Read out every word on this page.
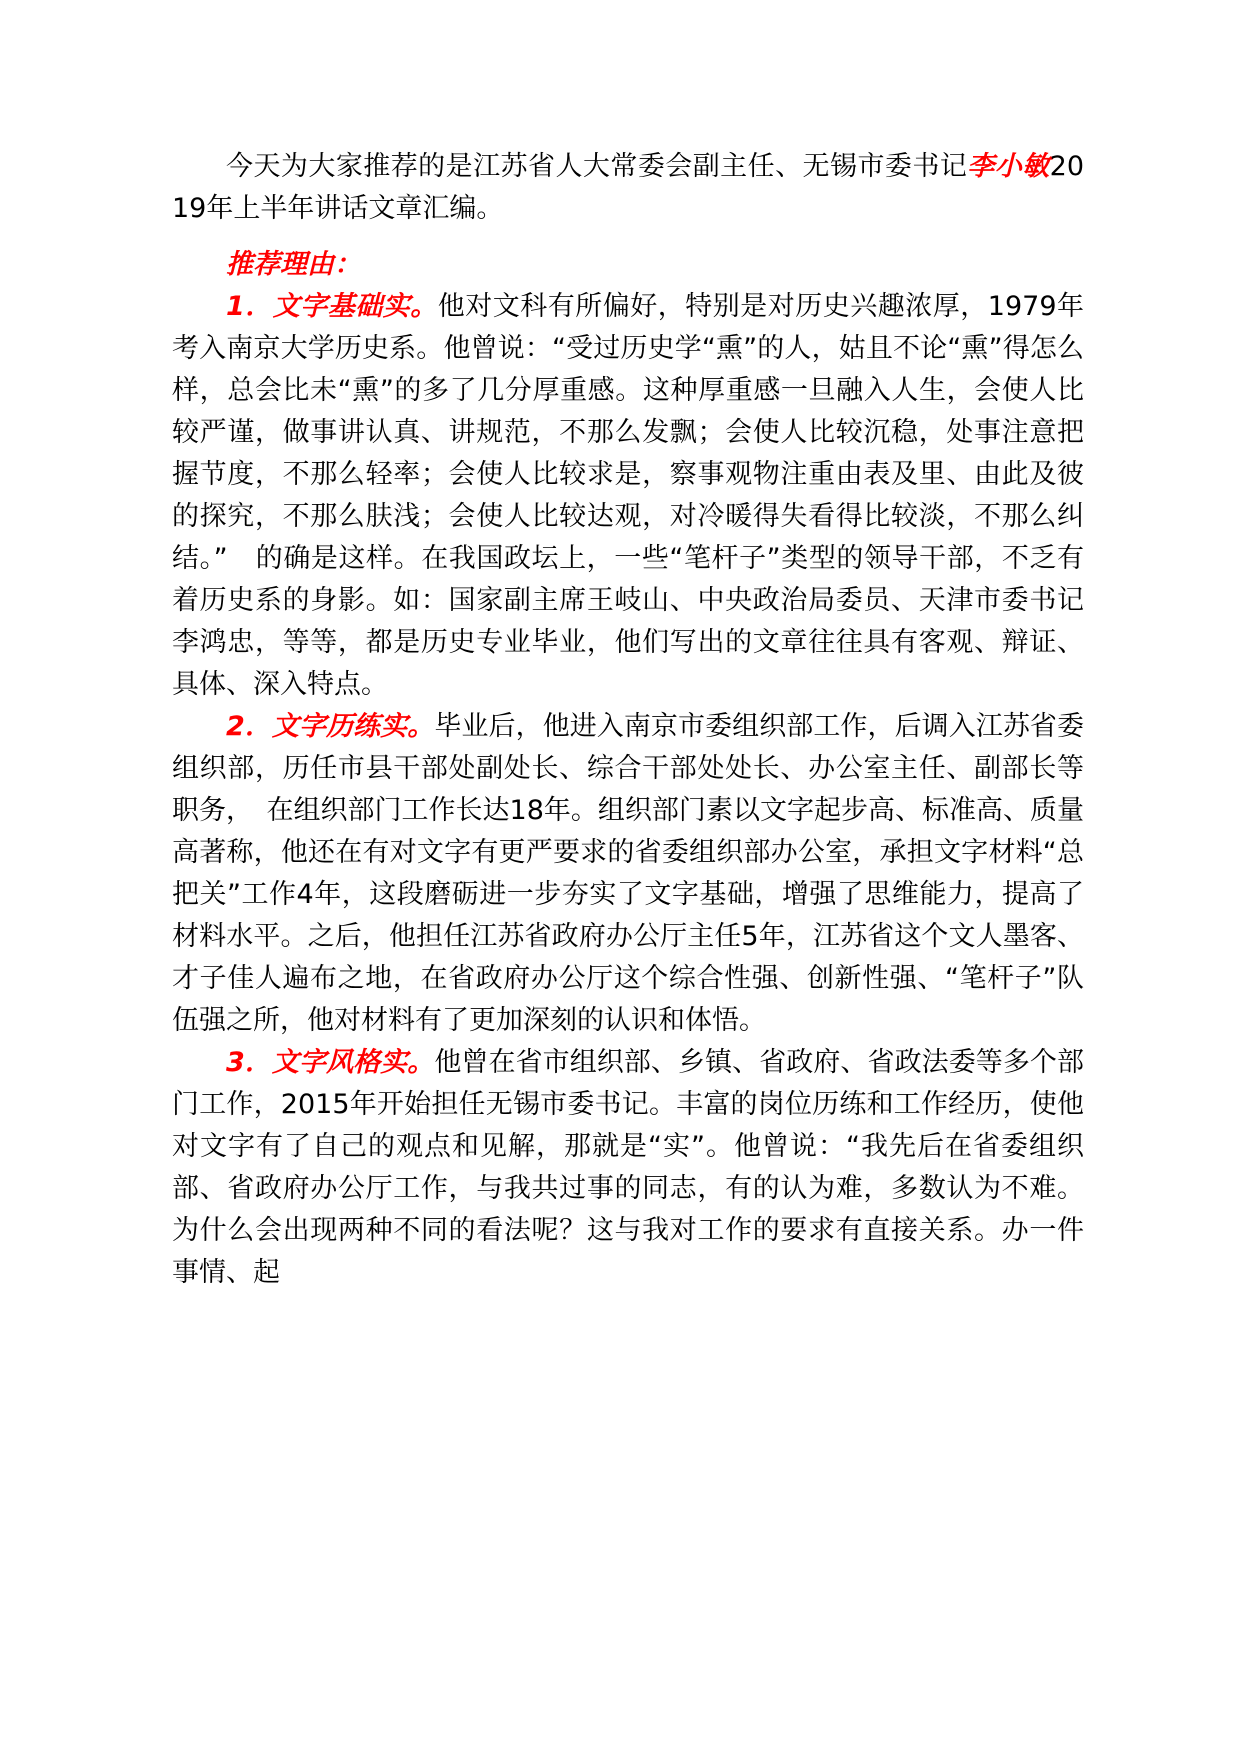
今天为大家推荐的是江苏省人大常委会副主任、无锡市委书记李小敏2019年上半年讲话文章汇编。

推荐理由：

1．文字基础实。他对文科有所偏好，特别是对历史兴趣浓厚，1979年考入南京大学历史系。他曾说：“受过历史学“熏”的人，姑且不论“熏”得怎么样，总会比未“熏”的多了几分厚重感。这种厚重感一旦融入人生，会使人比较严谨，做事讲认真、讲规范，不那么发飘；会使人比较沉稳，处事注意把握节度，不那么轻率；会使人比较求是，察事观物注重由表及里、由此及彼的探究，不那么肤浅；会使人比较达观，对冷暖得失看得比较淡，不那么纠结。”　的确是这样。在我国政坛上，一些“笔杆子”类型的领导干部，不乏有着历史系的身影。如：国家副主席王岐山、中央政治局委员、天津市委书记李鸿忠，等等，都是历史专业毕业，他们写出的文章往往具有客观、辩证、具体、深入特点。

2．文字历练实。毕业后，他进入南京市委组织部工作，后调入江苏省委组织部，历任市县干部处副处长、综合干部处处长、办公室主任、副部长等职务，　在组织部门工作长达18年。组织部门素以文字起步高、标准高、质量高著称，他还在有对文字有更严要求的省委组织部办公室，承担文字材料“总把关”工作4年，这段磨砺进一步夯实了文字基础，增强了思维能力，提高了材料水平。之后，他担任江苏省政府办公厅主任5年，江苏省这个文人墨客、才子佳人遍布之地，在省政府办公厅这个综合性强、创新性强、“笔杆子”队伍强之所，他对材料有了更加深刻的认识和体悟。

3．文字风格实。他曾在省市组织部、乡镇、省政府、省政法委等多个部门工作，2015年开始担任无锡市委书记。丰富的岗位历练和工作经历，使他对文字有了自己的观点和见解，那就是“实”。他曾说：“我先后在省委组织部、省政府办公厅工作，与我共过事的同志，有的认为难，多数认为不难。为什么会出现两种不同的看法呢？这与我对工作的要求有直接关系。办一件事情、起
